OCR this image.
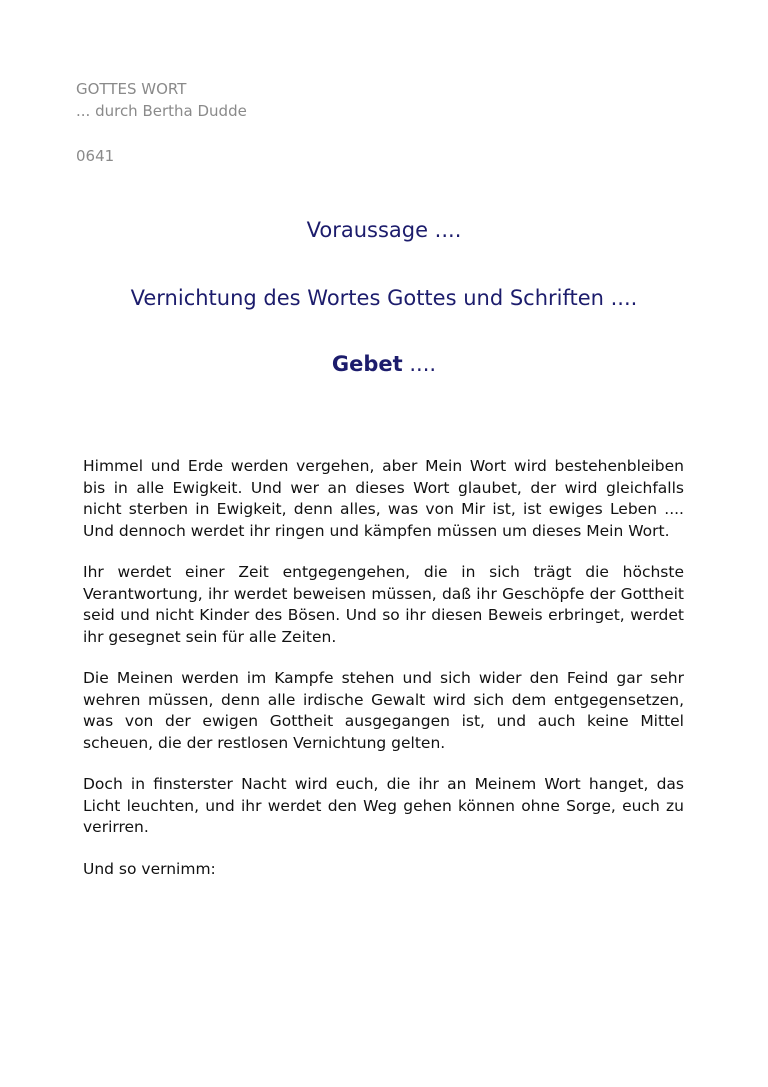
GOTTES WORT
... durch Bertha Dudde
0641
Voraussage ....
Vernichtung des Wortes Gottes und Schriften ....
Gebet ....

Himmel und Erde werden vergehen, aber Mein Wort wird bestehenbleiben bis in alle Ewigkeit. Und wer an dieses Wort glaubet, der wird gleichfalls nicht sterben in Ewigkeit, denn alles, was von Mir ist, ist ewiges Leben .... Und dennoch werdet ihr ringen und kämpfen müssen um dieses Mein Wort.

Ihr werdet einer Zeit entgegengehen, die in sich trägt die höchste Verantwortung, ihr werdet beweisen müssen, daß ihr Geschöpfe der Gottheit seid und nicht Kinder des Bösen. Und so ihr diesen Beweis erbringet, werdet ihr gesegnet sein für alle Zeiten.

Die Meinen werden im Kampfe stehen und sich wider den Feind gar sehr wehren müssen, denn alle irdische Gewalt wird sich dem entgegensetzen, was von der ewigen Gottheit ausgegangen ist, und auch keine Mittel scheuen, die der restlosen Vernichtung gelten.

Doch in finsterster Nacht wird euch, die ihr an Meinem Wort hanget, das Licht leuchten, und ihr werdet den Weg gehen können ohne Sorge, euch zu verirren.

Und so vernimm:
